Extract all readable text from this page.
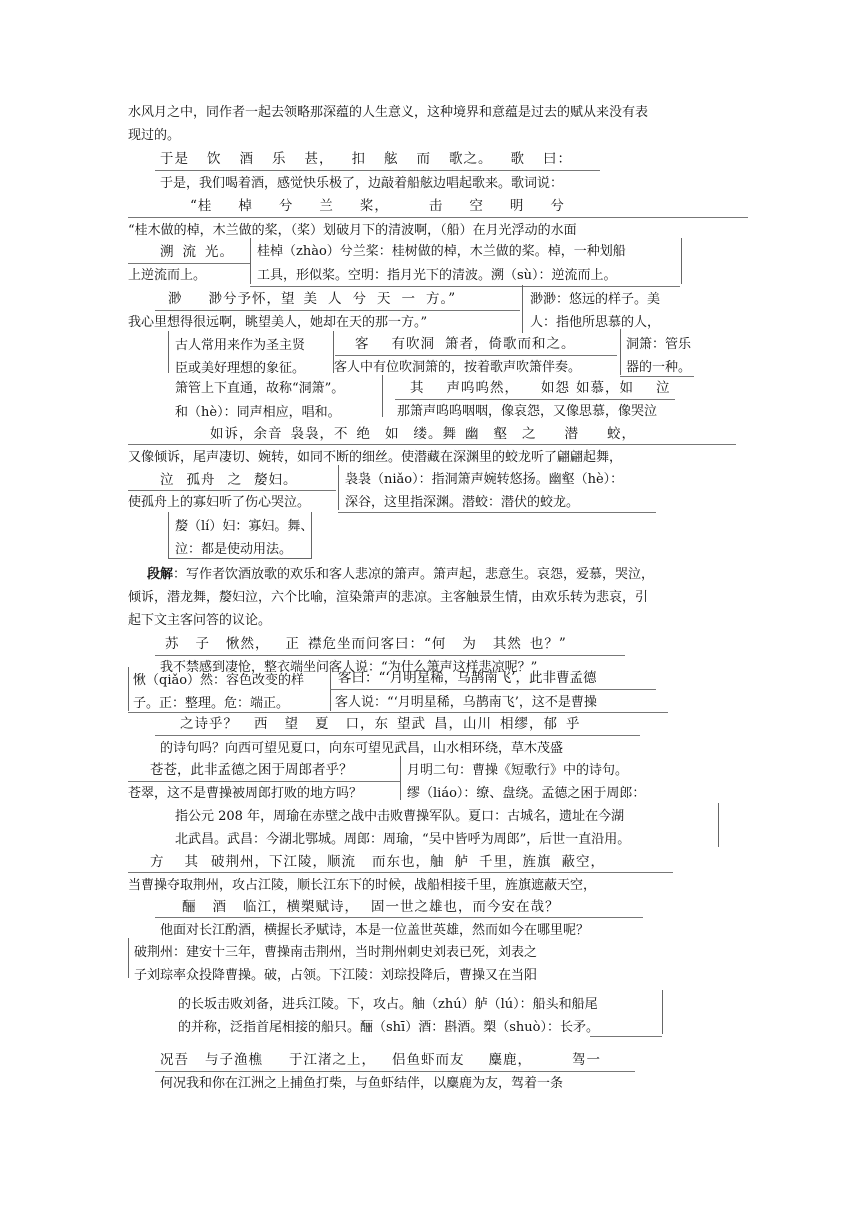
水风月之中，同作者一起去领略那深蕴的人生意义，这种境界和意蕴是过去的赋从来没有表
现过的。
于是 饮 酒 乐 甚， 扣 舷 而 歌之。 歌 曰：
于是，我们喝着酒，感觉快乐极了，边敲着船舷边唱起歌来。歌词说：
“桂 棹 兮 兰 桨，	击 空 明 兮
“桂木做的棹，木兰做的桨，（桨）划破月下的清波啊，（船）在月光浮动的水面
溯 流 光。
上逆流而上。
桂棹（zhào）兮兰桨：桂树做的棹，木兰做的桨。棹，一种划船
工具，形似桨。空明：指月光下的清波。溯（sù）：逆流而上。
渺 渺兮予怀，望 美 人 兮 天 一 方。”
我心里想得很远啊，眺望美人，她却在天的那一方。”
渺渺：悠远的样子。美
人：指他所思慕的人，
古人常用来作为圣主贤
臣或美好理想的象征。
客 有吹洞 箫者，倚歌而和之。
客人中有位吹洞箫的，按着歌声吹箫伴奏。
洞箫：管乐
器的一种。
箫管上下直通，故称“洞箫”。
和（hè）：同声相应，唱和。
其 声呜呜然， 如怨 如慕，如 泣
那箫声呜呜咽咽，像哀怨，又像思慕，像哭泣
如诉，余音 袅袅，不 绝 如 缕。舞 幽 壑 之 潜 蛟，
又像倾诉，尾声凄切、婉转，如同不断的细丝。使潜藏在深渊里的蛟龙听了翩翩起舞，
泣 孤舟 之 嫠妇。
使孤舟上的寡妇听了伤心哭泣。
袅袅（niǎo）：指洞箫声婉转悠扬。幽壑（hè）：
深谷，这里指深渊。潜蛟：潜伏的蛟龙。
嫠（lí）妇：寡妇。舞、
泣：都是使动用法。
段解：写作者饮酒放歌的欢乐和客人悲凉的箫声。箫声起，悲意生。哀怨，爱慕，哭泣，
倾诉，潜龙舞，嫠妇泣，六个比喻，渲染箫声的悲凉。主客触景生情，由欢乐转为悲哀，引
起下文主客问答的议论。
苏 子 愀然， 正 襟危坐而问客曰：“何 为 其然 也？”
我不禁感到凄怆，整衣端坐问客人说：“为什么箫声这样悲凉呢？”
愀（qiǎo）然：容色改变的样
子。正：整理。危：端正。
客曰：“‘月明星稀，乌鹊南飞’，此非曹孟德
客人说：“‘月明星稀，乌鹊南飞’，这不是曹操
之诗乎？ 西 望 夏 口，东 望武 昌，山川 相缪，郁 乎
的诗句吗？向西可望见夏口，向东可望见武昌，山水相环绕，草木茂盛
苍苍，此非孟德之困于周郎者乎？
苍翠，这不是曹操被周郎打败的地方吗？
月明二句：曹操《短歌行》中的诗句。
缪（liáo）：缭、盘绕。孟德之困于周郎：
指公元 208 年，周瑜在赤壁之战中击败曹操军队。夏口：古城名，遗址在今湖
北武昌。武昌：今湖北鄂城。周郎：周瑜，“吴中皆呼为周郎”，后世一直沿用。
方 其 破荆州，下江陵，顺流 而东也，舳 舻 千里，旌旗 蔽空，
当曹操夺取荆州，攻占江陵，顺长江东下的时候，战船相接千里，旌旗遮蔽天空，
酾 酒 临江，横槊赋诗， 固一世之雄也，而今安在哉？
他面对长江酌酒，横握长矛赋诗，本是一位盖世英雄，然而如今在哪里呢？
破荆州：建安十三年，曹操南击荆州，当时荆州刺史刘表已死，刘表之
子刘琮率众投降曹操。破，占领。下江陵：刘琮投降后，曹操又在当阳
的长坂击败刘备，进兵江陵。下，攻占。舳（zhú）舻（lú）：船头和船尾
的并称，泛指首尾相接的船只。酾（shī）酒：斟酒。槊（shuò）：长矛。
况吾 与子渔樵 于江渚之上， 侣鱼虾而友 麋鹿，	驾一
何况我和你在江洲之上捕鱼打柴，与鱼虾结伴，以麋鹿为友，驾着一条
